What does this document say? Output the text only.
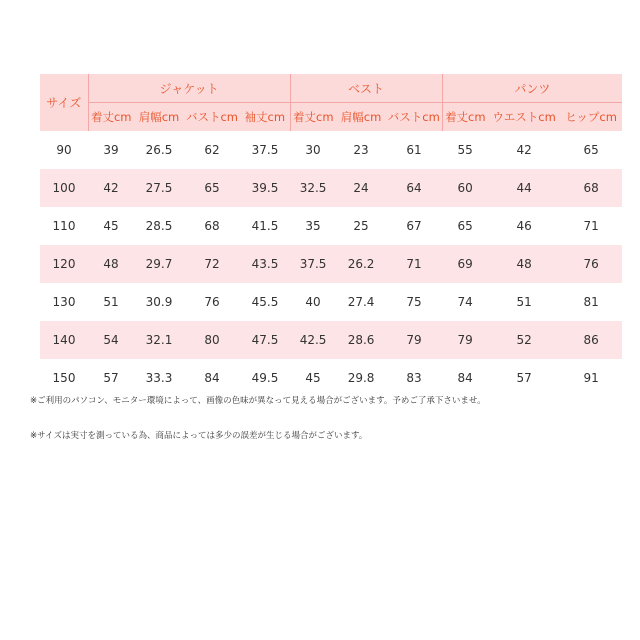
サイズ	ジャケット				ベスト			パンツ		
	着丈cm	肩幅cm	バストcm	袖丈cm	着丈cm	肩幅cm	バストcm	着丈cm	ウエストcm	ヒップcm
90	39	26.5	62	37.5	30	23	61	55	42	65
100	42	27.5	65	39.5	32.5	24	64	60	44	68
110	45	28.5	68	41.5	35	25	67	65	46	71
120	48	29.7	72	43.5	37.5	26.2	71	69	48	76
130	51	30.9	76	45.5	40	27.4	75	74	51	81
140	54	32.1	80	47.5	42.5	28.6	79	79	52	86
150	57	33.3	84	49.5	45	29.8	83	84	57	91
※ご利用のパソコン、モニター環境によって、画像の色味が異なって見える場合がございます。予めご了承下さいませ。
※サイズは実寸を測っている為、商品によっては多少の誤差が生じる場合がございます。
